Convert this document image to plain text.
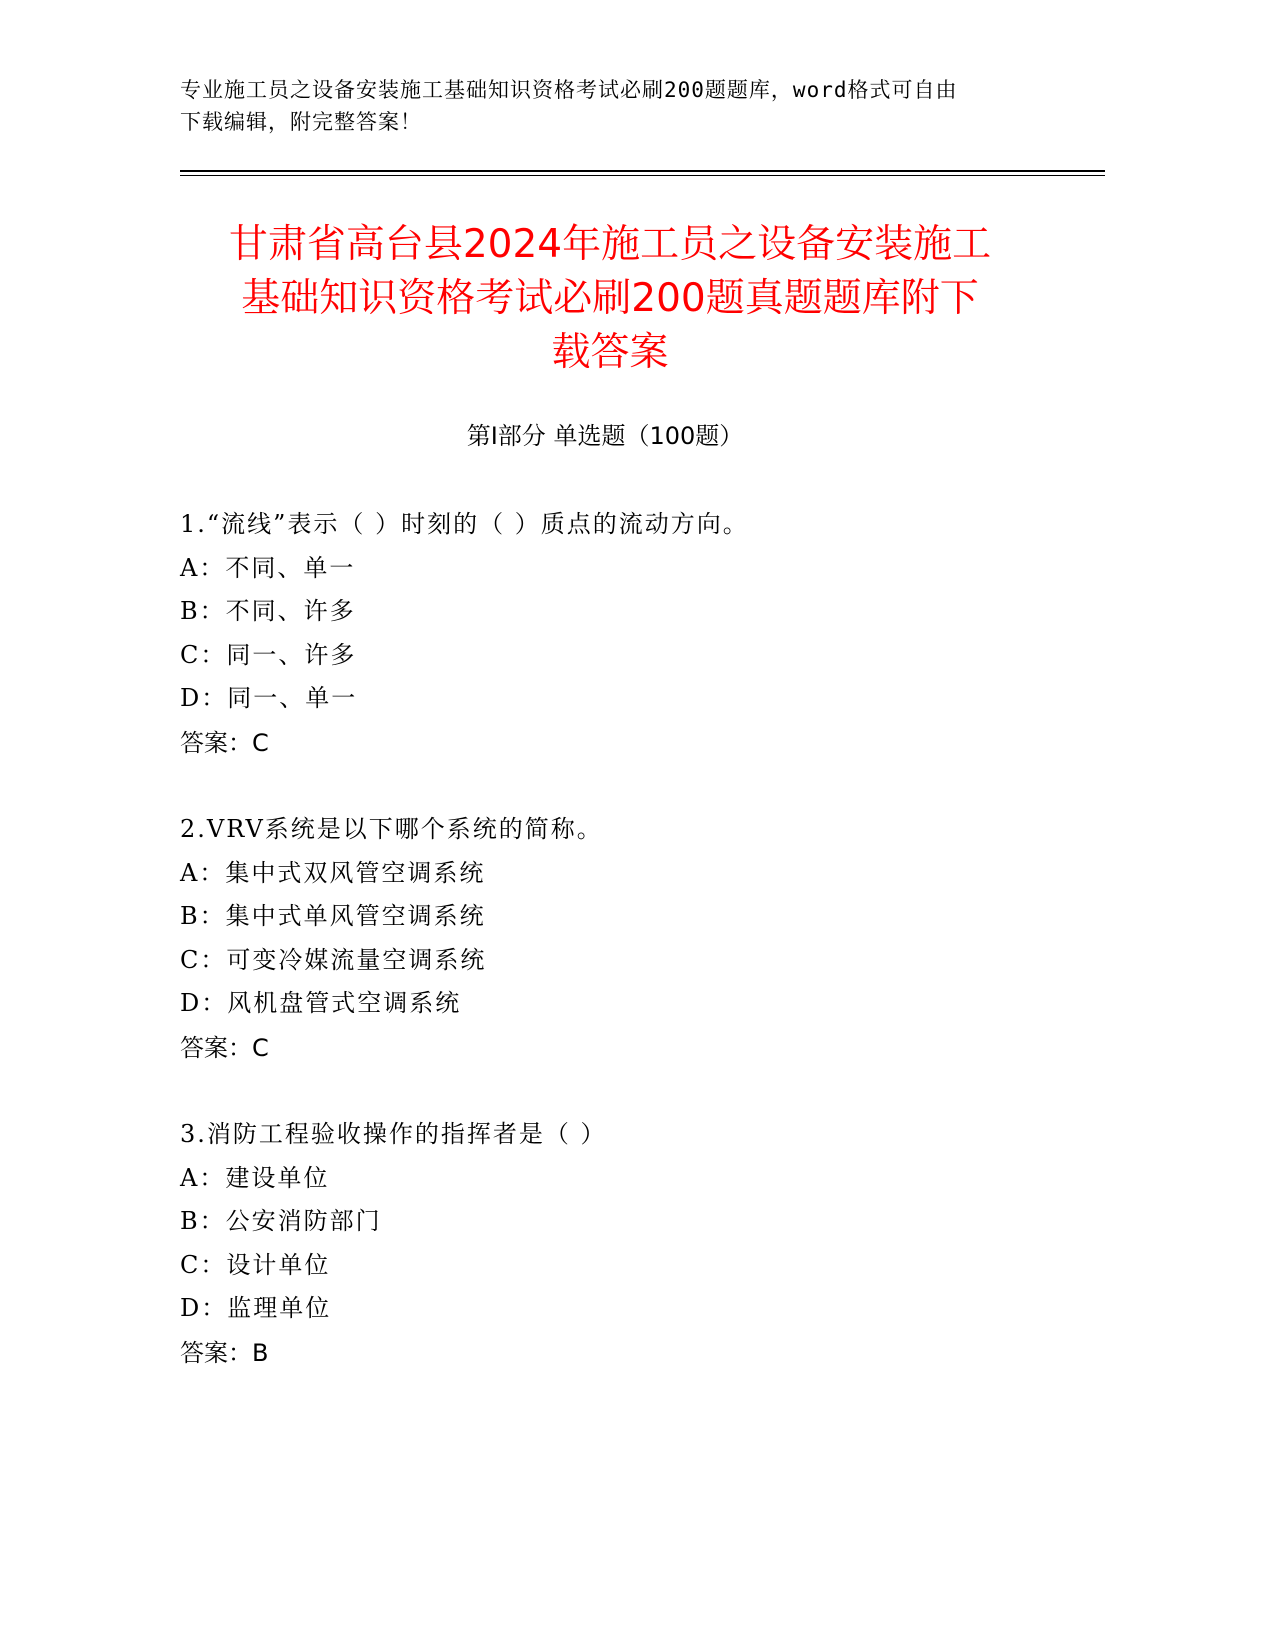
专业施工员之设备安装施工基础知识资格考试必刷200题题库，word格式可自由
下载编辑，附完整答案！
甘肃省高台县2024年施工员之设备安装施工
基础知识资格考试必刷200题真题题库附下
载答案
第Ⅰ部分 单选题（100题）
1.“流线”表示（ ）时刻的（ ）质点的流动方向。
A：不同、单一
B：不同、许多
C：同一、许多
D：同一、单一
答案：C
2.VRV系统是以下哪个系统的简称。
A：集中式双风管空调系统
B：集中式单风管空调系统
C：可变冷媒流量空调系统
D：风机盘管式空调系统
答案：C
3.消防工程验收操作的指挥者是（ ）
A：建设单位
B：公安消防部门
C：设计单位
D：监理单位
答案：B
